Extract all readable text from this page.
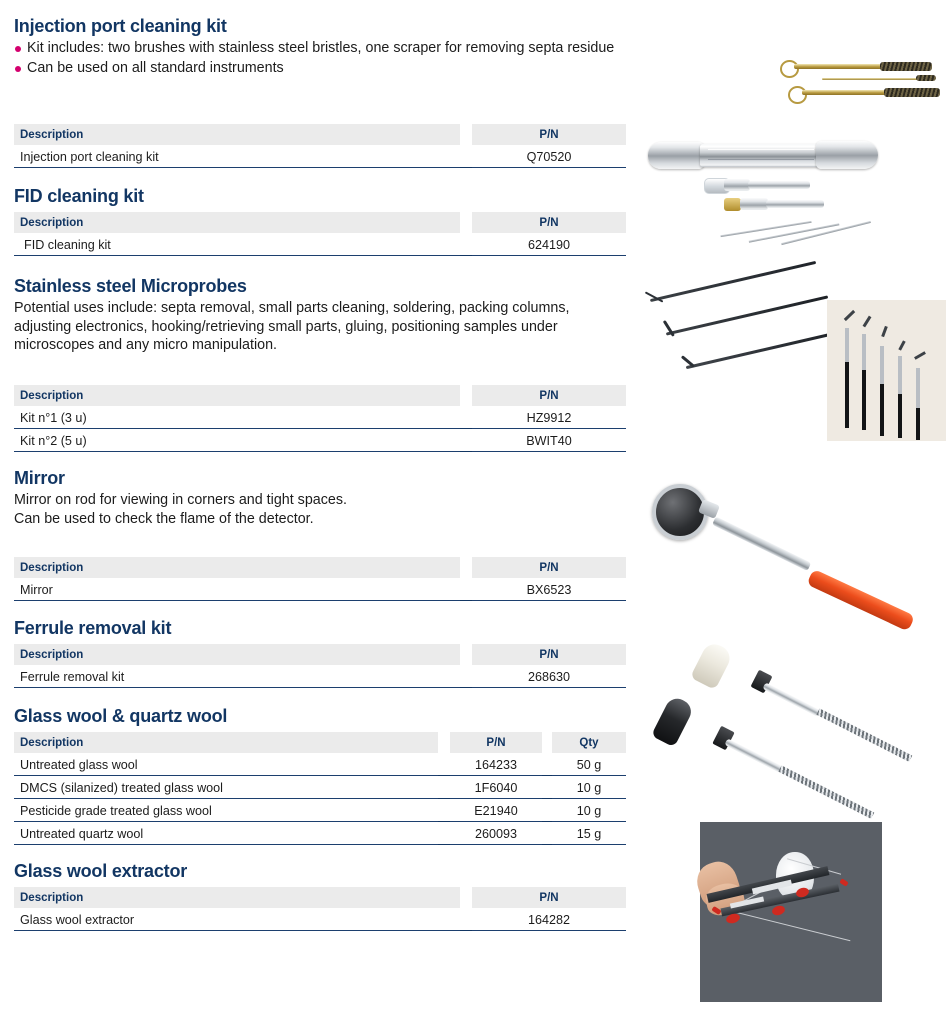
Injection port cleaning kit
Kit includes: two brushes with stainless steel bristles, one scraper for removing septa residue
Can be used on all standard instruments
Description		P/N
Injection port cleaning kit		Q70520
FID cleaning kit
Description		P/N
FID cleaning kit		624190
Stainless steel Microprobes

Potential uses include: septa removal, small parts cleaning, soldering, packing columns, adjusting electronics, hooking/retrieving small parts, gluing, positioning samples under microscopes and any micro manipulation.

Description		P/N
Kit n°1 (3 u)		HZ9912
Kit n°2 (5 u)		BWIT40
Mirror

Mirror on rod for viewing in corners and tight spaces.

Can be used to check the flame of the detector.

Description		P/N
Mirror		BX6523
Ferrule removal kit
Description		P/N
Ferrule removal kit		268630
Glass wool & quartz wool
Description		P/N		Qty
Untreated glass wool		164233		50 g
DMCS (silanized) treated glass wool		1F6040		10 g
Pesticide grade treated glass wool		E21940		10 g
Untreated quartz wool		260093		15 g
Glass wool extractor
Description		P/N
Glass wool extractor		164282
